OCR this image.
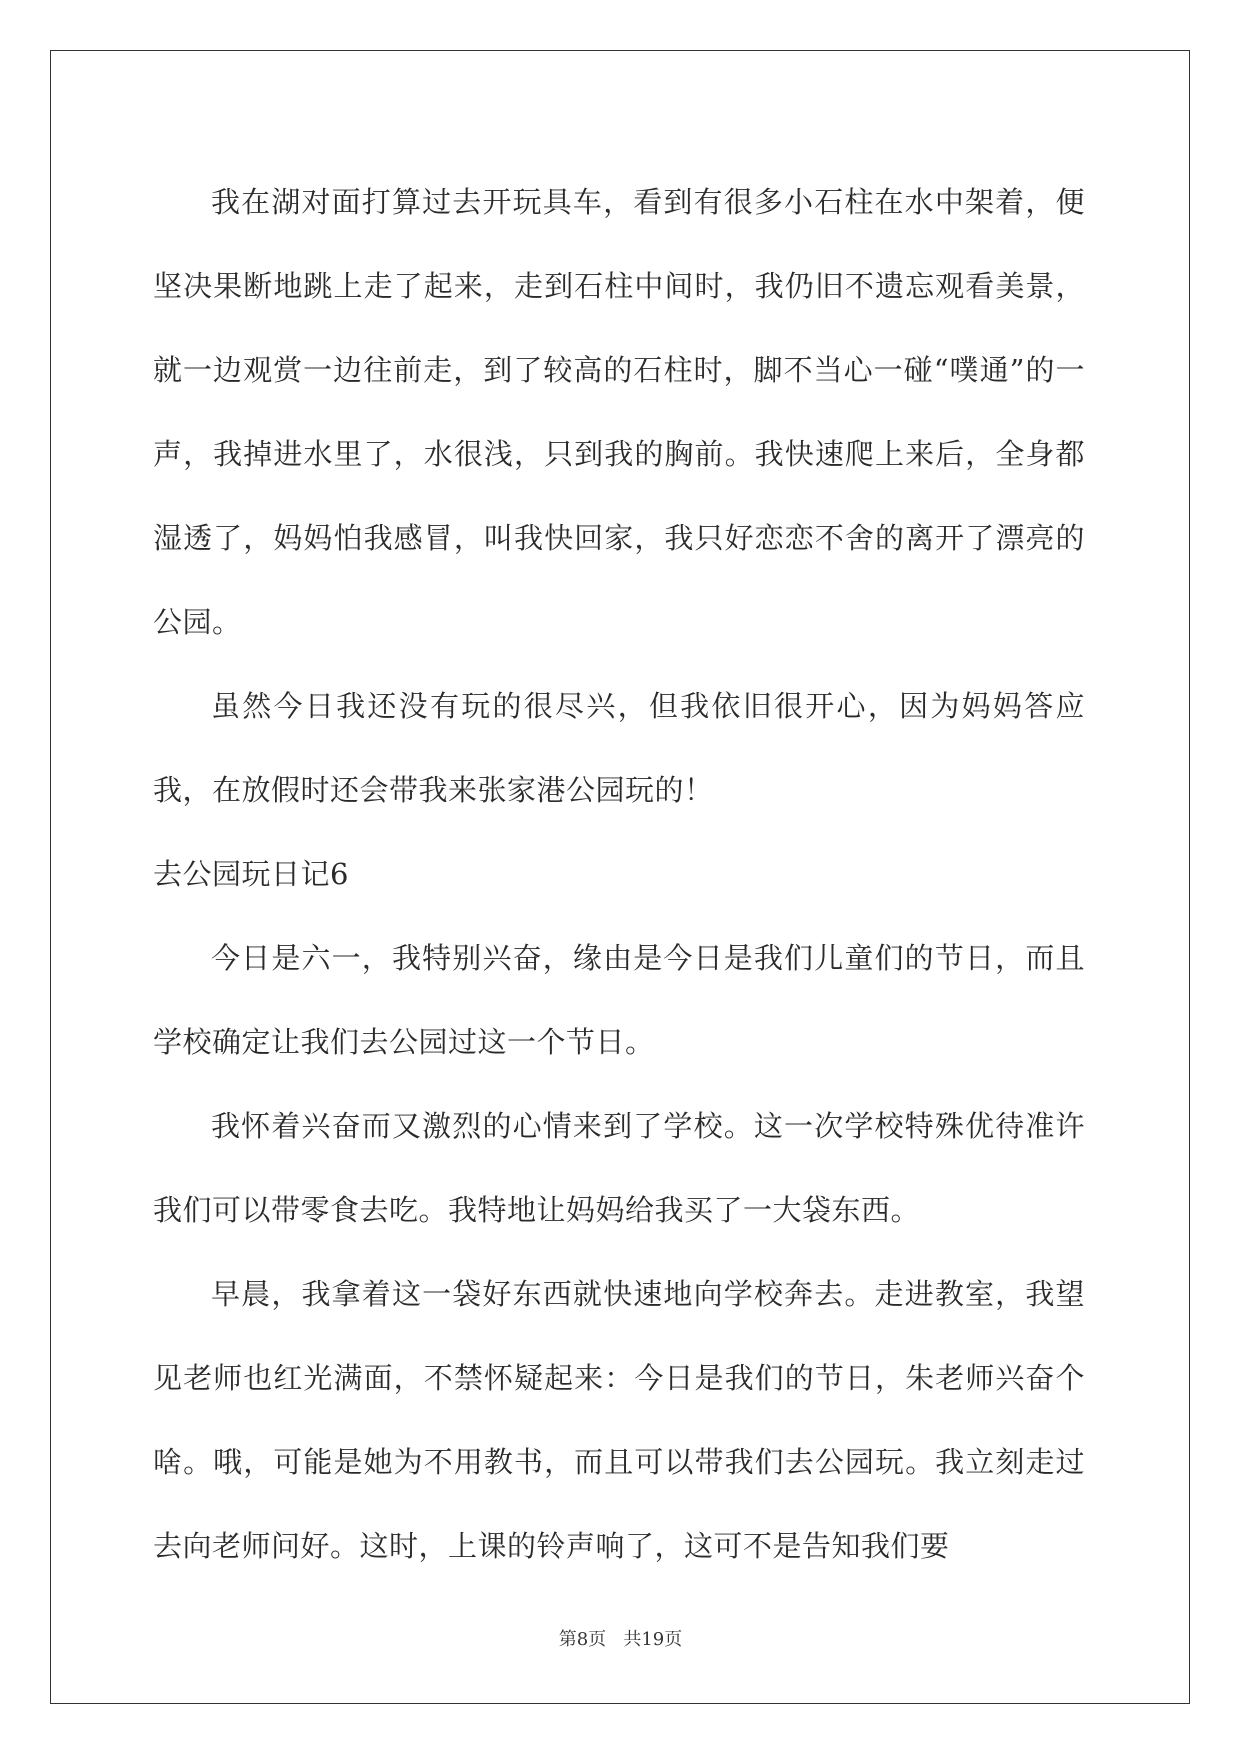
我在湖对面打算过去开玩具车，看到有很多小石柱在水中架着，便坚决果断地跳上走了起来，走到石柱中间时，我仍旧不遗忘观看美景，就一边观赏一边往前走，到了较高的石柱时，脚不当心一碰“噗通”的一声，我掉进水里了，水很浅，只到我的胸前。我快速爬上来后，全身都湿透了，妈妈怕我感冒，叫我快回家，我只好恋恋不舍的离开了漂亮的公园。

虽然今日我还没有玩的很尽兴，但我依旧很开心，因为妈妈答应我，在放假时还会带我来张家港公园玩的！

去公园玩日记6

今日是六一，我特别兴奋，缘由是今日是我们儿童们的节日，而且学校确定让我们去公园过这一个节日。

我怀着兴奋而又激烈的心情来到了学校。这一次学校特殊优待准许我们可以带零食去吃。我特地让妈妈给我买了一大袋东西。

早晨，我拿着这一袋好东西就快速地向学校奔去。走进教室，我望见老师也红光满面，不禁怀疑起来：今日是我们的节日，朱老师兴奋个啥。哦，可能是她为不用教书，而且可以带我们去公园玩。我立刻走过去向老师问好。这时，上课的铃声响了，这可不是告知我们要

第8页 共19页
